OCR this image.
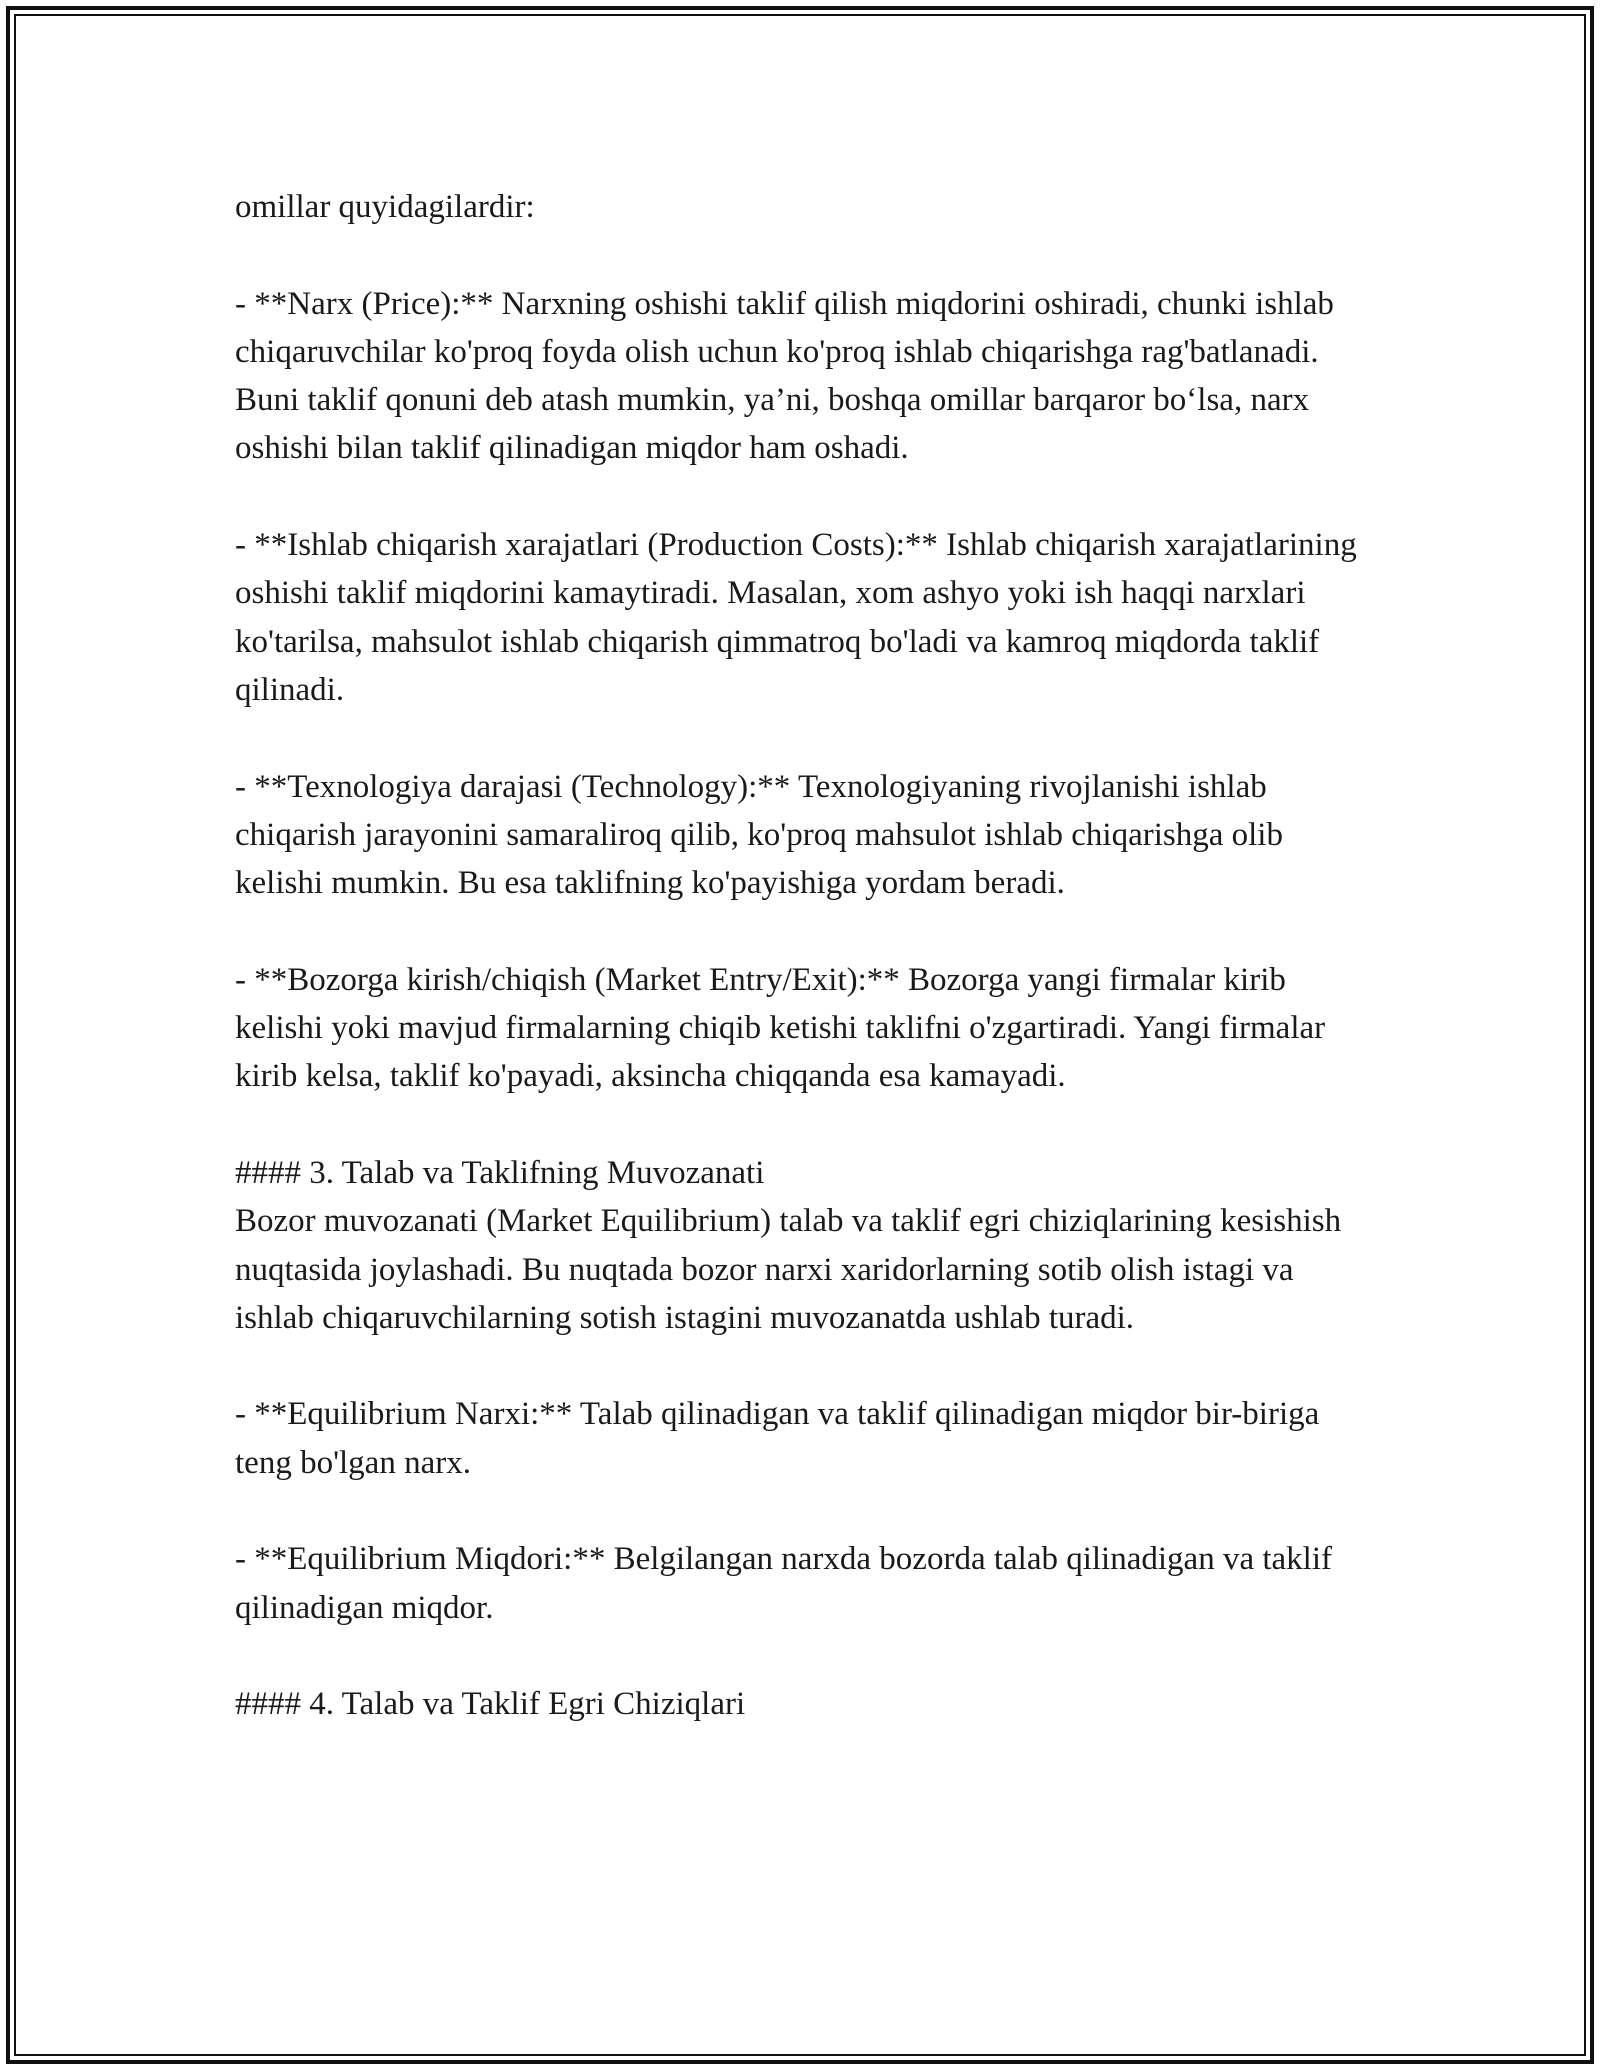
omillar quyidagilardir:

- **Narx (Price):** Narxning oshishi taklif qilish miqdorini oshiradi, chunki ishlab chiqaruvchilar ko'proq foyda olish uchun ko'proq ishlab chiqarishga rag'batlanadi. Buni taklif qonuni deb atash mumkin, ya’ni, boshqa omillar barqaror bo‘lsa, narx oshishi bilan taklif qilinadigan miqdor ham oshadi.

- **Ishlab chiqarish xarajatlari (Production Costs):** Ishlab chiqarish xarajatlarining oshishi taklif miqdorini kamaytiradi. Masalan, xom ashyo yoki ish haqqi narxlari ko'tarilsa, mahsulot ishlab chiqarish qimmatroq bo'ladi va kamroq miqdorda taklif qilinadi.

- **Texnologiya darajasi (Technology):** Texnologiyaning rivojlanishi ishlab chiqarish jarayonini samaraliroq qilib, ko'proq mahsulot ishlab chiqarishga olib kelishi mumkin. Bu esa taklifning ko'payishiga yordam beradi.

- **Bozorga kirish/chiqish (Market Entry/Exit):** Bozorga yangi firmalar kirib kelishi yoki mavjud firmalarning chiqib ketishi taklifni o'zgartiradi. Yangi firmalar kirib kelsa, taklif ko'payadi, aksincha chiqqanda esa kamayadi.

#### 3. Talab va Taklifning Muvozanati

Bozor muvozanati (Market Equilibrium) talab va taklif egri chiziqlarining kesishish nuqtasida joylashadi. Bu nuqtada bozor narxi xaridorlarning sotib olish istagi va ishlab chiqaruvchilarning sotish istagini muvozanatda ushlab turadi.

- **Equilibrium Narxi:** Talab qilinadigan va taklif qilinadigan miqdor bir-biriga teng bo'lgan narx.

- **Equilibrium Miqdori:** Belgilangan narxda bozorda talab qilinadigan va taklif qilinadigan miqdor.

#### 4. Talab va Taklif Egri Chiziqlari
